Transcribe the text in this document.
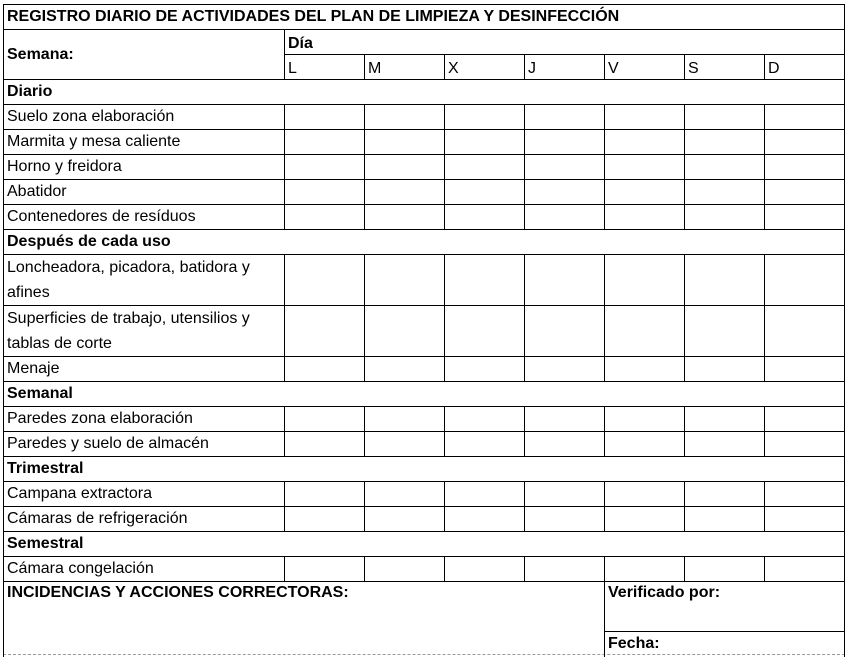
REGISTRO DIARIO DE ACTIVIDADES DEL PLAN DE LIMPIEZA Y DESINFECCIÓN							
Semana:	Día						
	L	M	X	J	V	S	D
Diario							
Suelo zona elaboración							
Marmita y mesa caliente							
Horno y freidora							
Abatidor							
Contenedores de resíduos							
Después de cada uso							
Loncheadora, picadora, batidora y afines							
Superficies de trabajo, utensilios y tablas de corte							
Menaje							
Semanal							
Paredes zona elaboración							
Paredes y suelo de almacén							
Trimestral							
Campana extractora							
Cámaras de refrigeración							
Semestral							
Cámara congelación							
INCIDENCIAS Y ACCIONES CORRECTORAS:					Verificado por:		
					Fecha:		
